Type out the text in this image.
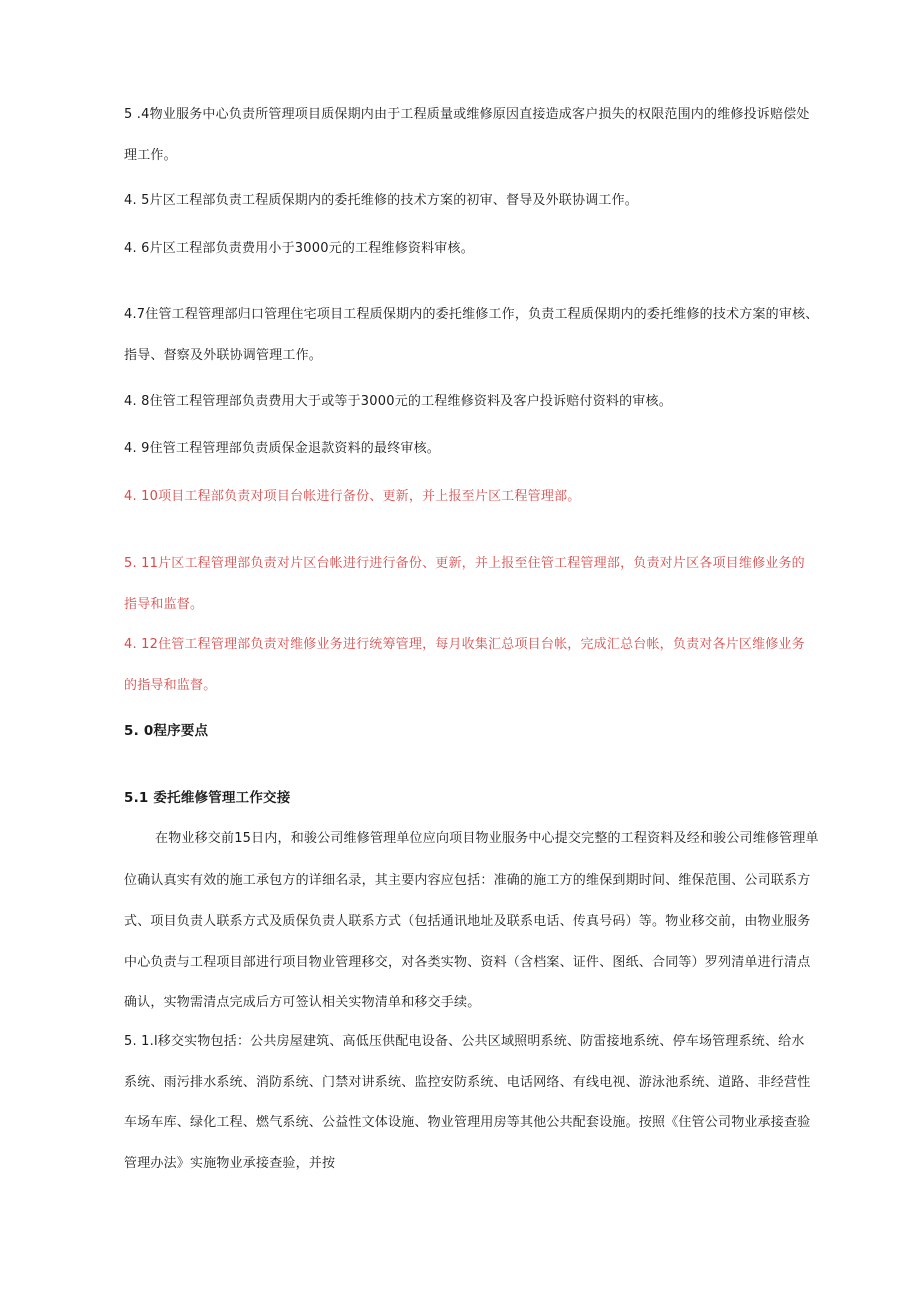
5 .4物业服务中心负责所管理项目质保期内由于工程质量或维修原因直接造成客户损失的权限范围内的维修投诉赔偿处
理工作。
4. 5片区工程部负责工程质保期内的委托维修的技术方案的初审、督导及外联协调工作。
4. 6片区工程部负责费用小于3000元的工程维修资料审核。
4.7住管工程管理部归口管理住宅项目工程质保期内的委托维修工作，负责工程质保期内的委托维修的技术方案的审核、
指导、督察及外联协调管理工作。
4. 8住管工程管理部负责费用大于或等于3000元的工程维修资料及客户投诉赔付资料的审核。
4. 9住管工程管理部负责质保金退款资料的最终审核。
4. 10项目工程部负责对项目台帐进行备份、更新，并上报至片区工程管理部。
5. 11片区工程管理部负责对片区台帐进行进行备份、更新，并上报至住管工程管理部，负责对片区各项目维修业务的
指导和监督。
4. 12住管工程管理部负责对维修业务进行统筹管理，每月收集汇总项目台帐，完成汇总台帐，负责对各片区维修业务
的指导和监督。
5. 0程序要点
5.1 委托维修管理工作交接
在物业移交前15日内，和骏公司维修管理单位应向项目物业服务中心提交完整的工程资料及经和骏公司维修管理单
位确认真实有效的施工承包方的详细名录，其主要内容应包括：准确的施工方的维保到期时间、维保范围、公司联系方
式、项目负责人联系方式及质保负责人联系方式（包括通讯地址及联系电话、传真号码）等。物业移交前，由物业服务
中心负责与工程项目部进行项目物业管理移交，对各类实物、资料（含档案、证件、图纸、合同等）罗列清单进行清点
确认，实物需清点完成后方可签认相关实物清单和移交手续。
5. 1.l移交实物包括：公共房屋建筑、高低压供配电设备、公共区域照明系统、防雷接地系统、停车场管理系统、给水
系统、雨污排水系统、消防系统、门禁对讲系统、监控安防系统、电话网络、有线电视、游泳池系统、道路、非经营性
车场车库、绿化工程、燃气系统、公益性文体设施、物业管理用房等其他公共配套设施。按照《住管公司物业承接查验
管理办法》实施物业承接查验，并按
